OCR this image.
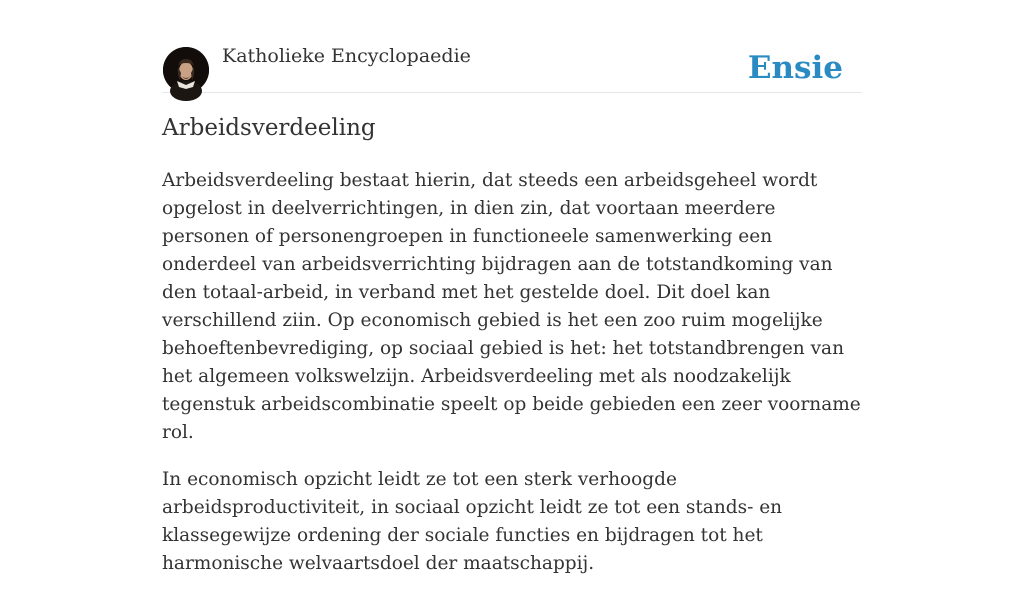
Katholieke Encyclopaedie	Ensie
Arbeidsverdeeling

Arbeidsverdeeling bestaat hierin, dat steeds een arbeidsgeheel wordt opgelost in deelverrichtingen, in dien zin, dat voortaan meerdere personen of personengroepen in functioneele samenwerking een onderdeel van arbeidsverrichting bijdragen aan de totstandkoming van den totaal-arbeid, in verband met het gestelde doel. Dit doel kan verschillend ziin. Op economisch gebied is het een zoo ruim mogelijke behoeftenbevrediging, op sociaal gebied is het: het totstandbrengen van het algemeen volkswelzijn. Arbeidsverdeeling met als noodzakelijk tegenstuk arbeidscombinatie speelt op beide gebieden een zeer voorname rol.

In economisch opzicht leidt ze tot een sterk verhoogde arbeidsproductiviteit, in sociaal opzicht leidt ze tot een stands- en klassegewijze ordening der sociale functies en bijdragen tot het harmonische welvaartsdoel der maatschappij.
